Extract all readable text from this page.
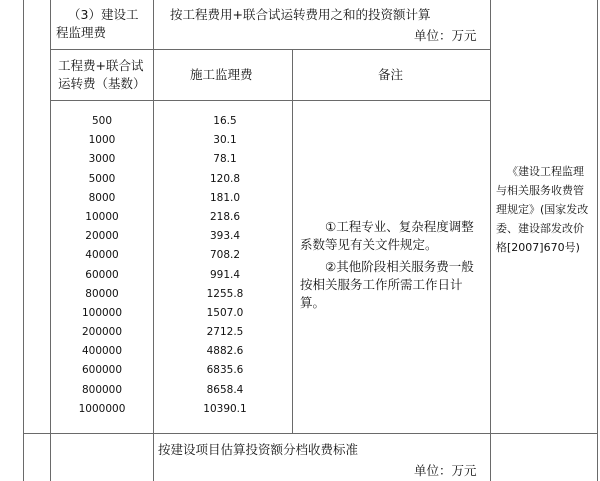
（3）建设工程监理费
按工程费用+联合试运转费用之和的投资额计算
单位：万元
工程费+联合试运转费（基数）
施工监理费	备注
500
1000
3000
5000
8000
10000
20000
40000
60000
80000
100000
200000
400000
600000
800000
1000000
16.5
30.1
78.1
120.8
181.0
218.6
393.4
708.2
991.4
1255.8
1507.0
2712.5
4882.6
6835.6
8658.4
10390.1
①工程专业、复杂程度调整系数等见有关文件规定。
②其他阶段相关服务费一般按相关服务工作所需工作日计算。
《建设工程监理与相关服务收费管理规定》(国家发改委、建设部发改价格[2007]670号)
按建设项目估算投资额分档收费标准
单位：万元
